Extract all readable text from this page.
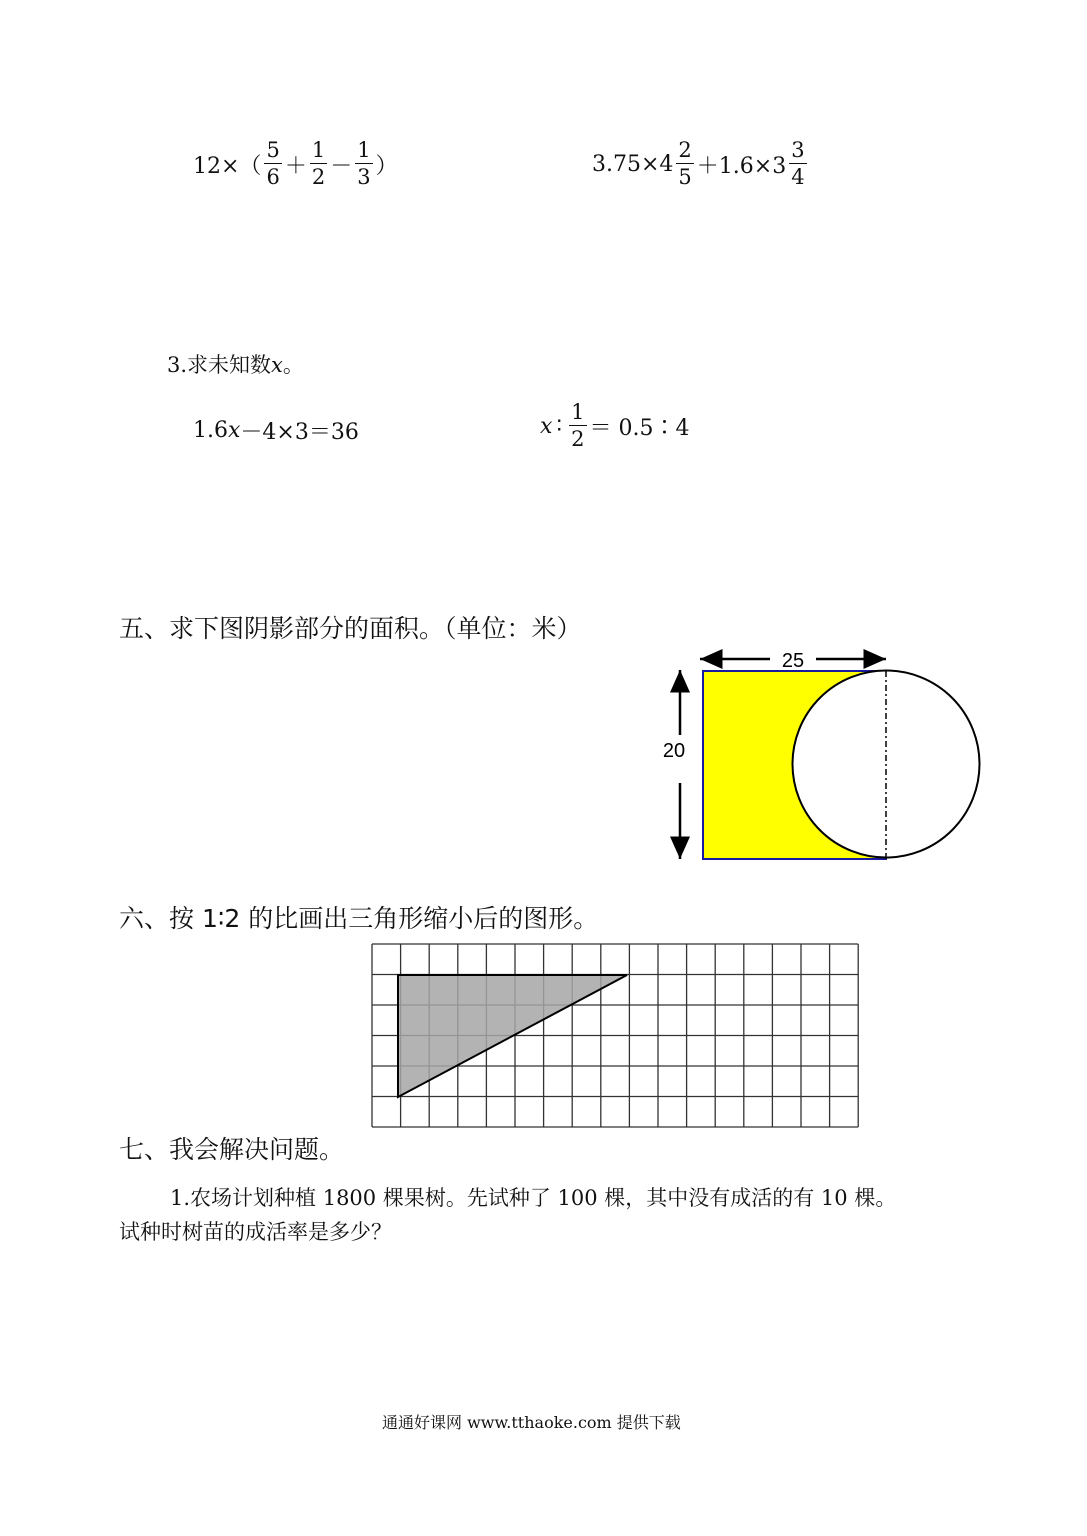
$12\times( \frac{5}{6} + \frac{1}{2} - \frac{1}{3}$ ）	$3.75\times 4 \frac{2}{5} +1.6\times 3 \frac{3}{4}$
3.求未知数x。
1.6 x －4×3＝36	x ∶ $\frac{1}{2}$ ＝ 0.5∶4
五、求下图阴影部分的面积。（单位：米）
25
20
六、按 1∶2 的比画出三角形缩小后的图形。
七、我会解决问题。
1.农场计划种植 1800 棵果树。先试种了 100 棵，其中没有成活的有 10 棵。
试种时树苗的成活率是多少？
通通好课网 www.tthaoke.com 提供下载
